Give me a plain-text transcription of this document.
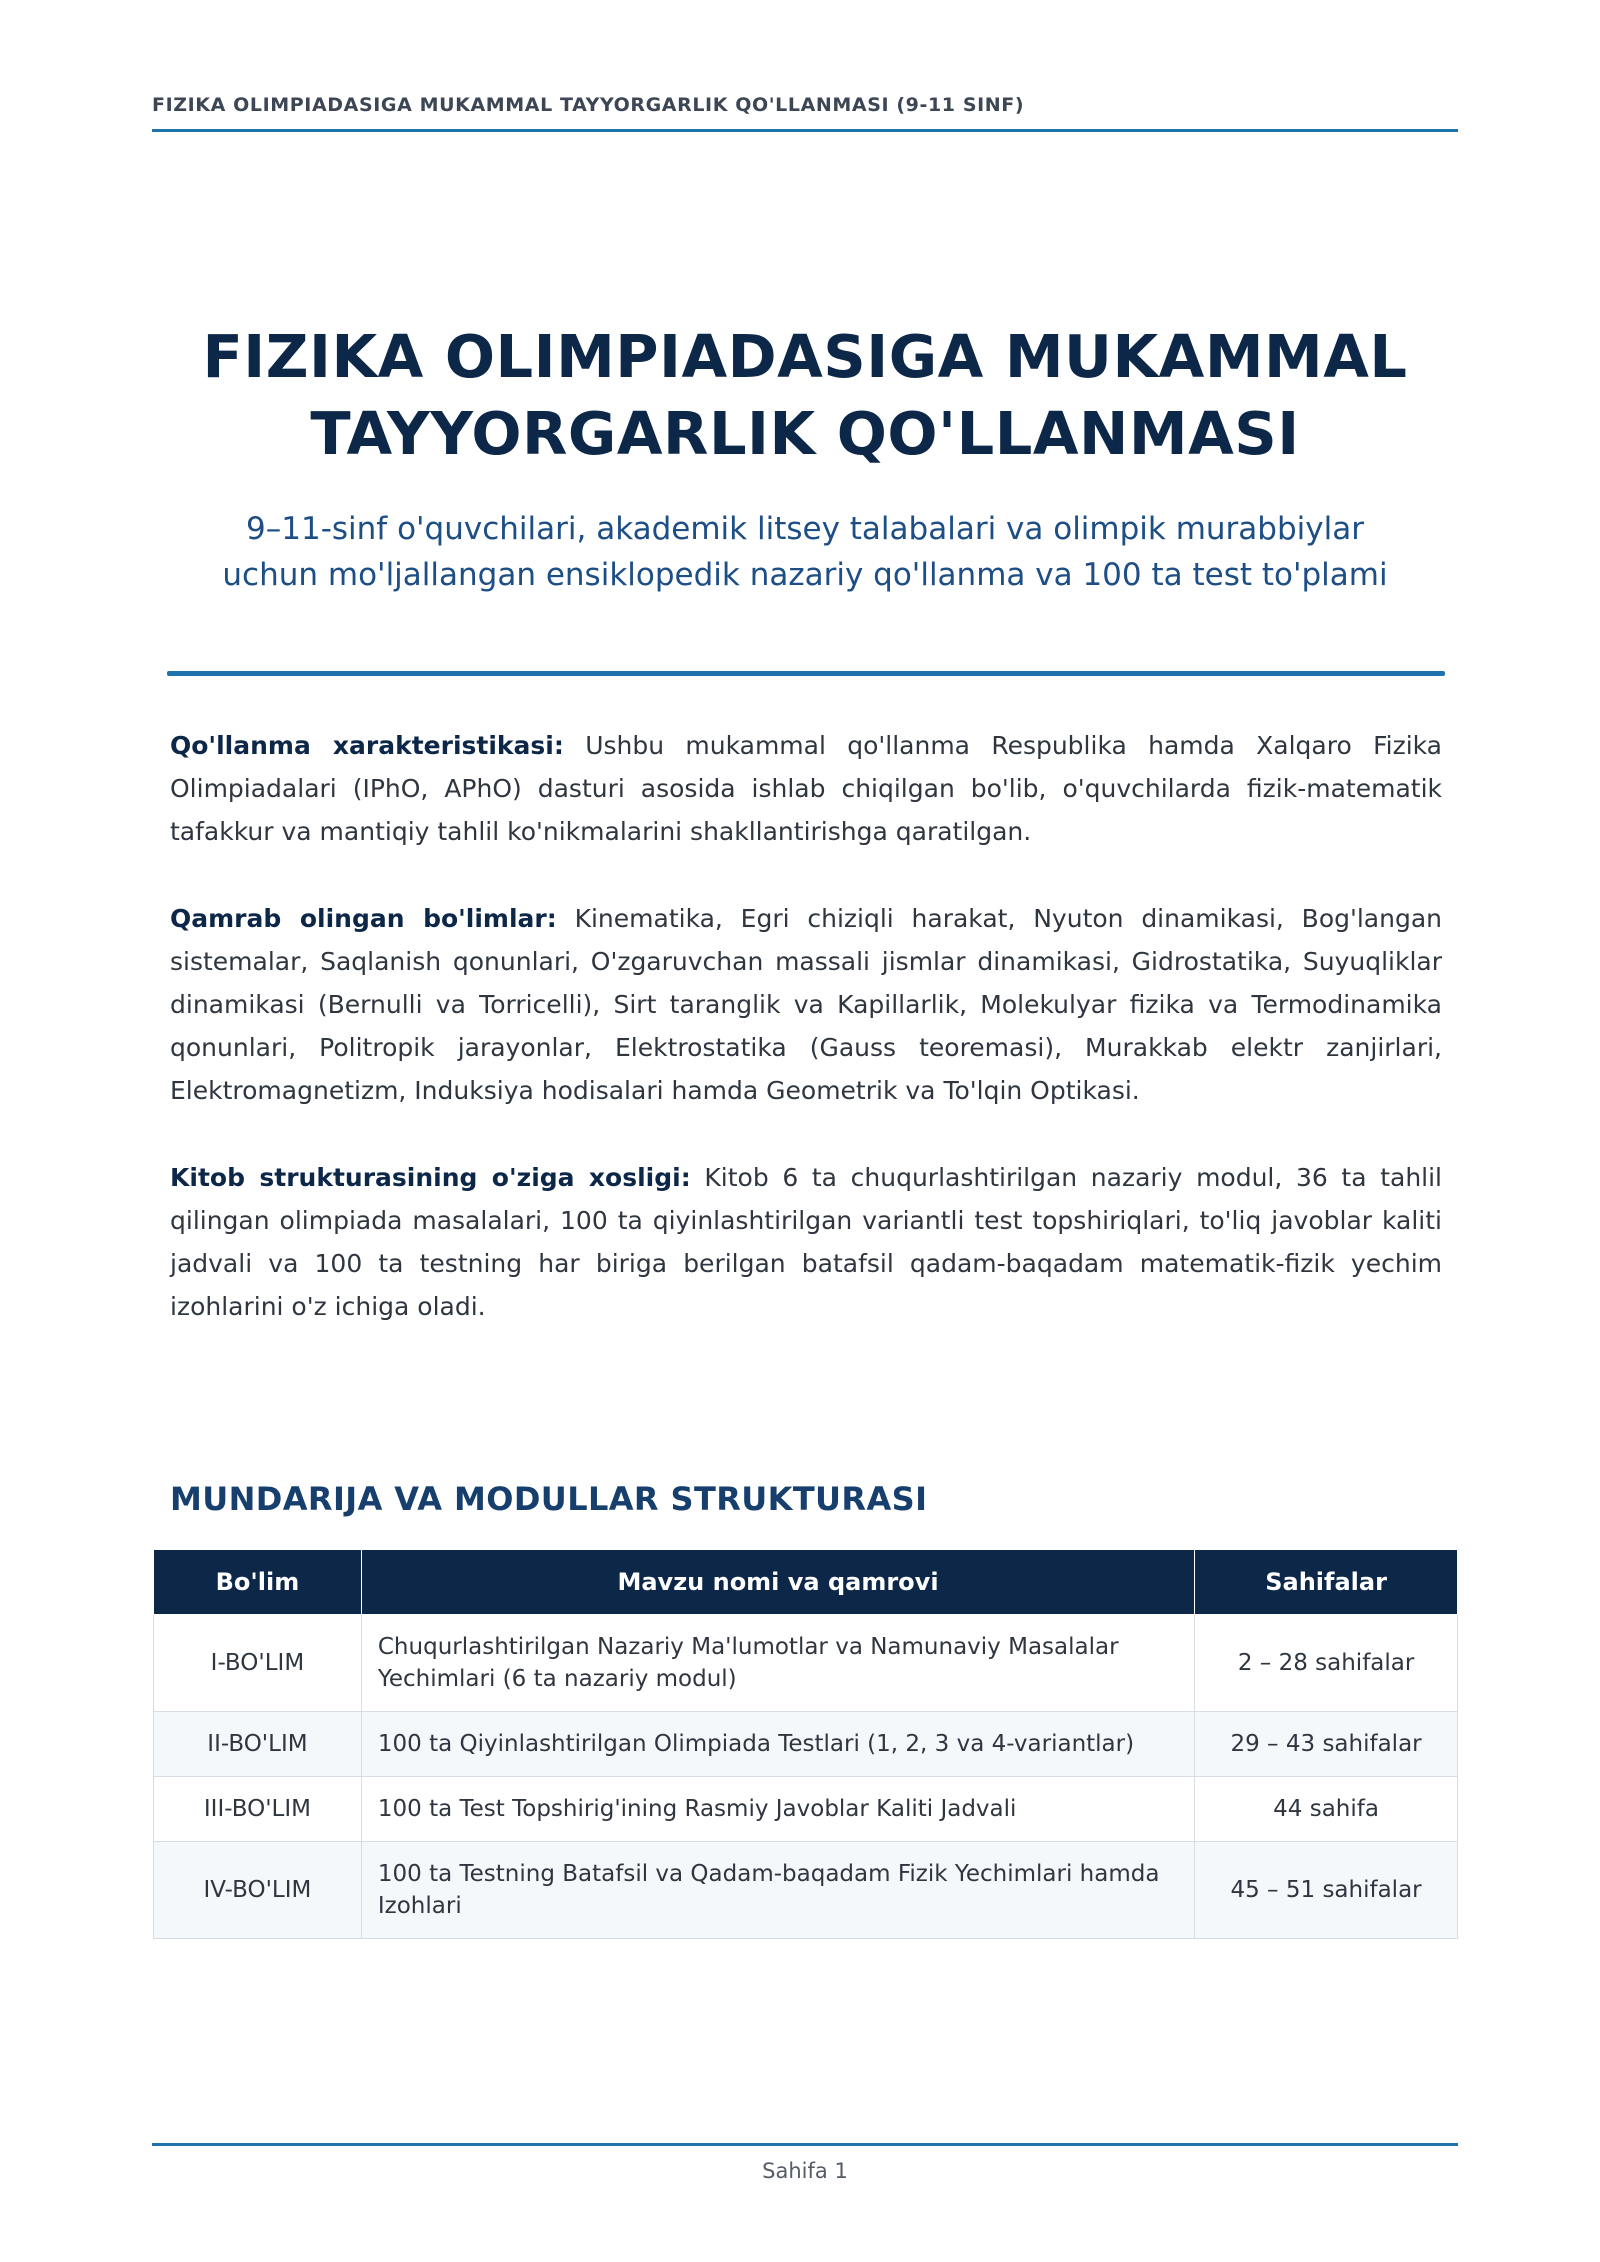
FIZIKA OLIMPIADASIGA MUKAMMAL TAYYORGARLIK QO'LLANMASI (9-11 SINF)
FIZIKA OLIMPIADASIGA MUKAMMAL
TAYYORGARLIK QO'LLANMASI
9–11-sinf o'quvchilari, akademik litsey talabalari va olimpik murabbiylar
uchun mo'ljallangan ensiklopedik nazariy qo'llanma va 100 ta test to'plami

Qo'llanma xarakteristikasi: Ushbu mukammal qo'llanma Respublika hamda Xalqaro Fizika Olimpiadalari (IPhO, APhO) dasturi asosida ishlab chiqilgan bo'lib, o'quvchilarda fizik-matematik tafakkur va mantiqiy tahlil ko'nikmalarini shakllantirishga qaratilgan.

Qamrab olingan bo'limlar: Kinematika, Egri chiziqli harakat, Nyuton dinamikasi, Bog'langan sistemalar, Saqlanish qonunlari, O'zgaruvchan massali jismlar dinamikasi, Gidrostatika, Suyuqliklar dinamikasi (Bernulli va Torricelli), Sirt taranglik va Kapillarlik, Molekulyar fizika va Termodinamika qonunlari, Politropik jarayonlar, Elektrostatika (Gauss teoremasi), Murakkab elektr zanjirlari, Elektromagnetizm, Induksiya hodisalari hamda Geometrik va To'lqin Optikasi.

Kitob strukturasining o'ziga xosligi: Kitob 6 ta chuqurlashtirilgan nazariy modul, 36 ta tahlil qilingan olimpiada masalalari, 100 ta qiyinlashtirilgan variantli test topshiriqlari, to'liq javoblar kaliti jadvali va 100 ta testning har biriga berilgan batafsil qadam-baqadam matematik-fizik yechim izohlarini o'z ichiga oladi.

MUNDARIJA VA MODULLAR STRUKTURASI
Bo'lim	Mavzu nomi va qamrovi	Sahifalar
I-BO'LIM	Chuqurlashtirilgan Nazariy Ma'lumotlar va Namunaviy Masalalar
Yechimlari (6 ta nazariy modul)	2 – 28 sahifalar
II-BO'LIM	100 ta Qiyinlashtirilgan Olimpiada Testlari (1, 2, 3 va 4-variantlar)	29 – 43 sahifalar
III-BO'LIM	100 ta Test Topshirig'ining Rasmiy Javoblar Kaliti Jadvali	44 sahifa
IV-BO'LIM	100 ta Testning Batafsil va Qadam-baqadam Fizik Yechimlari hamda
Izohlari	45 – 51 sahifalar
Sahifa 1
